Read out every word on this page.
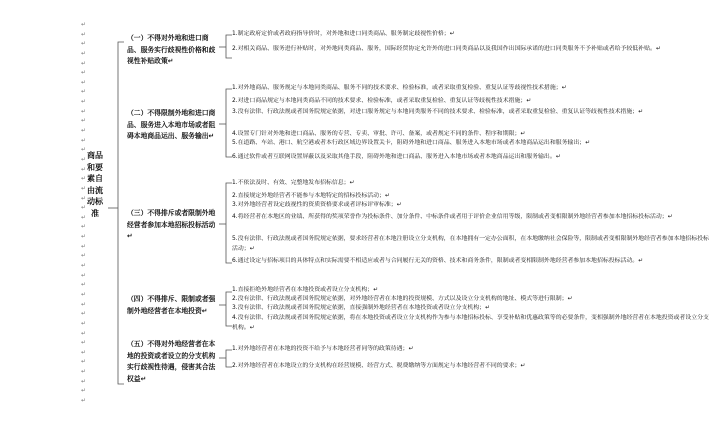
↵
↵
↵
↵
↵
↵
↵
↵
↵
↵
↵
↵
↵
↵
↵
↵
↵
↵
↵
↵
↵
↵
↵
↵
↵
↵
↵
↵
↵
↵
↵
↵
↵
↵
↵
↵
↵
↵
↵
↵
商品和要素自由流动标准
（一）不得对外地和进口商品、服务实行歧视性价格和歧视性补贴政策↵
（二）不得限制外地和进口商品、服务进入本地市场或者阻碍本地商品运出、服务输出↵
（三）不得排斥或者限制外地经营者参加本地招标投标活动↵
（四）不得排斥、限制或者强制外地经营者在本地投资↵
（五）不得对外地经营者在本地的投资或者设立的分支机构实行歧视性待遇，侵害其合法权益↵
1.制定政府定价或者政府指导价时，对外地和进口同类商品、服务制定歧视性价格；↵
2.对相关商品、服务进行补贴时，对外地同类商品、服务，国际经贸协定允许外的进口同类商品以及我国作出国际承诺的进口同类服务不予补贴或者给予较低补贴。↵
1.对外地商品、服务规定与本地同类商品、服务不同的技术要求、检验标准，或者采取重复检验、重复认证等歧视性技术措施；↵
2.对进口商品规定与本地同类商品不同的技术要求、检验标准，或者采取重复检验、重复认证等歧视性技术措施；↵
3.没有法律、行政法规或者国务院规定依据，对进口服务规定与本地同类服务不同的技术要求、检验标准，或者采取重复检验、重复认证等歧视性技术措施；↵
4.设置专门针对外地和进口商品、服务的专营、专卖、审批、许可、备案，或者规定不同的条件、程序和期限；↵
5.在道路、车站、港口、航空港或者本行政区域边界设置关卡，阻碍外地和进口商品、服务进入本地市场或者本地商品运出和服务输出；↵
6.通过软件或者互联网设置屏蔽以及采取其他手段，阻碍外地和进口商品、服务进入本地市场或者本地商品运出和服务输出。↵
1.不依法及时、有效、完整地发布招标信息；↵
2.直接规定外地经营者不能参与本地特定的招标投标活动；↵
3.对外地经营者设定歧视性的资质资格要求或者评标评审标准；↵
4.将经营者在本地区的业绩、所获得的奖项荣誉作为投标条件、加分条件、中标条件或者用于评价企业信用等级，限制或者变相限制外地经营者参加本地招标投标活动；↵
5.没有法律、行政法规或者国务院规定依据，要求经营者在本地注册设立分支机构，在本地拥有一定办公面积，在本地缴纳社会保险等，限制或者变相限制外地经营者参加本地招标投标活动；↵
6.通过设定与招标项目的具体特点和实际需要不相适应或者与合同履行无关的资格、技术和商务条件，限制或者变相限制外地经营者参加本地招标投标活动。↵
1.直接拒绝外地经营者在本地投资或者设立分支机构；↵
2.没有法律、行政法规或者国务院规定依据，对外地经营者在本地的投资规模、方式以及设立分支机构的地址、模式等进行限制；↵
3.没有法律、行政法规或者国务院规定依据，直接强制外地经营者在本地投资或者设立分支机构；↵
4.没有法律、行政法规或者国务院规定依据，将在本地投资或者设立分支机构作为参与本地招标投标、享受补贴和优惠政策等的必要条件，变相强制外地经营者在本地投资或者设立分支机构。↵
1.对外地经营者在本地的投资不给予与本地经营者同等的政策待遇；↵
2.对外地经营者在本地设立的分支机构在经营规模、经营方式、税费缴纳等方面规定与本地经营者不同的要求；↵
